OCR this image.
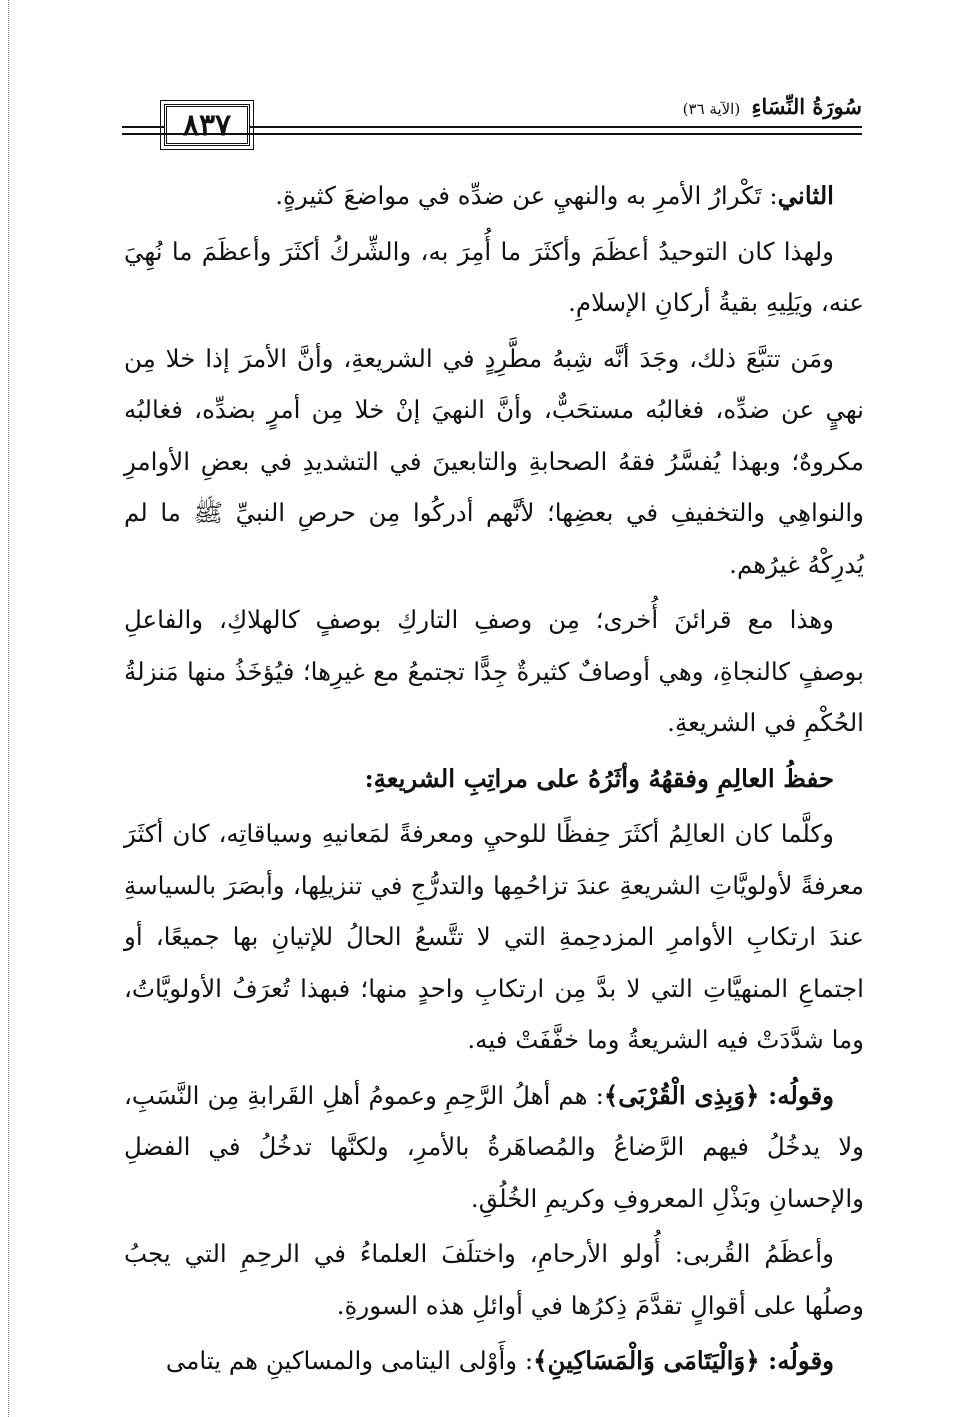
٨٣٧
سُورَةُ النِّسَاءِ (الآية ٣٦)

الثاني: تَكْرارُ الأمرِ به والنهيِ عن ضدِّه في مواضعَ كثيرةٍ.

ولهذا كان التوحيدُ أعظَمَ وأكثَرَ ما أُمِرَ به، والشِّركُ أكثَرَ وأعظَمَ ما نُهِيَ عنه، ويَلِيهِ بقيةُ أركانِ الإسلامِ.

ومَن تتبَّعَ ذلك، وجَدَ أنَّه شِبهُ مطَّرِدٍ في الشريعةِ، وأنَّ الأمرَ إذا خلا مِن نهيٍ عن ضدِّه، فغالبُه مستحَبٌّ، وأنَّ النهيَ إنْ خلا مِن أمرٍ بضدِّه، فغالبُه مكروهٌ؛ وبهذا يُفسَّرُ فقهُ الصحابةِ والتابعينَ في التشديدِ في بعضِ الأوامرِ والنواهِي والتخفيفِ في بعضِها؛ لأنَّهم أدركُوا مِن حرصِ النبيِّ ﷺ ما لم يُدرِكْهُ غيرُهم.

وهذا مع قرائنَ أُخرى؛ مِن وصفِ التاركِ بوصفٍ كالهلاكِ، والفاعلِ بوصفٍ كالنجاةِ، وهي أوصافٌ كثيرةٌ جِدًّا تجتمعُ مع غيرِها؛ فيُؤخَذُ منها مَنزلةُ الحُكْمِ في الشريعةِ.

حفظُ العالِمِ وفقهُهُ وأثَرُهُ على مراتِبِ الشريعةِ:

وكلَّما كان العالِمُ أكثَرَ حِفظًا للوحيِ ومعرفةً لمَعانيهِ وسياقاتِه، كان أكثَرَ معرفةً لأولويَّاتِ الشريعةِ عندَ تزاحُمِها والتدرُّجِ في تنزيلِها، وأبصَرَ بالسياسةِ عندَ ارتكابِ الأوامرِ المزدحِمةِ التي لا تتَّسعُ الحالُ للإتيانِ بها جميعًا، أو اجتماعِ المنهيَّاتِ التي لا بدَّ مِن ارتكابِ واحدٍ منها؛ فبهذا تُعرَفُ الأولويَّاتُ، وما شدَّدَتْ فيه الشريعةُ وما خفَّفَتْ فيه.

وقولُه: ﴿وَبِذِى الْقُرْبَى﴾: هم أهلُ الرَّحِمِ وعمومُ أهلِ القَرابةِ مِن النَّسَبِ، ولا يدخُلُ فيهم الرَّضاعُ والمُصاهَرةُ بالأمرِ، ولكنَّها تدخُلُ في الفضلِ والإحسانِ وبَذْلِ المعروفِ وكريمِ الخُلُقِ.

وأعظَمُ القُربى: أُولو الأرحامِ، واختلَفَ العلماءُ في الرحِمِ التي يجبُ وصلُها على أقوالٍ تقدَّمَ ذِكرُها في أوائلِ هذه السورةِ.

وقولُه: ﴿وَالْيَتَامَى وَالْمَسَاكِينِ﴾: وأَوْلى اليتامى والمساكينِ هم يتامى
